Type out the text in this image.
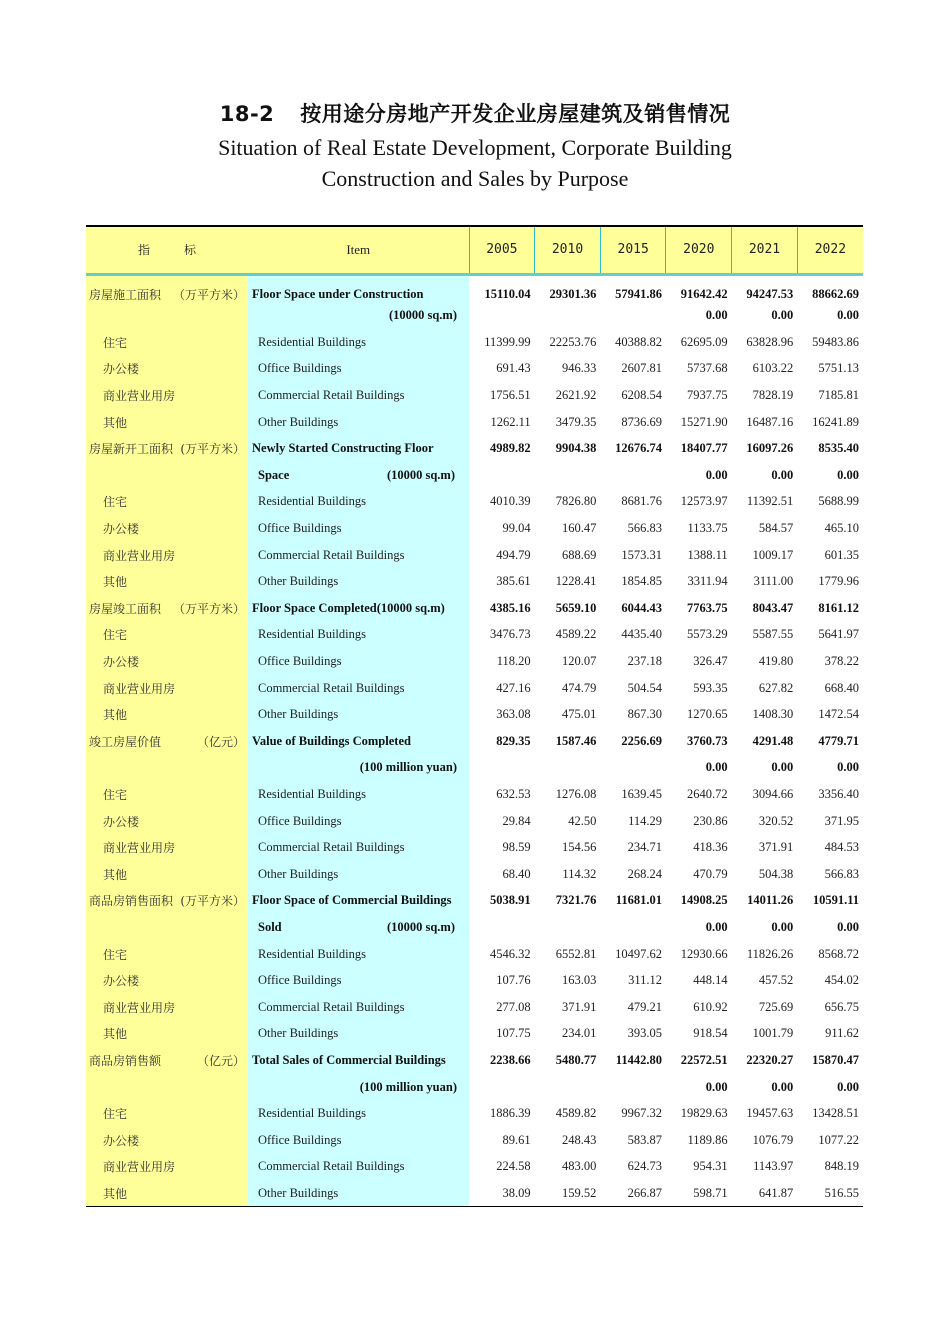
18-2 按用途分房地产开发企业房屋建筑及销售情况
Situation of Real Estate Development, Corporate Building
Construction and Sales by Purpose
指 标	Item	2005	2010	2015	2020	2021	2022
房屋施工面积 （万平方米）	Floor Space under Construction	15110.04	29301.36	57941.86	91642.42	94247.53	88662.69
	(10000 sq.m)				0.00	0.00	0.00
住宅	Residential Buildings	11399.99	22253.76	40388.82	62695.09	63828.96	59483.86
办公楼	Office Buildings	691.43	946.33	2607.81	5737.68	6103.22	5751.13
商业营业用房	Commercial Retail Buildings	1756.51	2621.92	6208.54	7937.75	7828.19	7185.81
其他	Other Buildings	1262.11	3479.35	8736.69	15271.90	16487.16	16241.89
房屋新开工面积 (万平方米）	Newly Started Constructing Floor	4989.82	9904.38	12676.74	18407.77	16097.26	8535.40
	Space (10000 sq.m)				0.00	0.00	0.00
住宅	Residential Buildings	4010.39	7826.80	8681.76	12573.97	11392.51	5688.99
办公楼	Office Buildings	99.04	160.47	566.83	1133.75	584.57	465.10
商业营业用房	Commercial Retail Buildings	494.79	688.69	1573.31	1388.11	1009.17	601.35
其他	Other Buildings	385.61	1228.41	1854.85	3311.94	3111.00	1779.96
房屋竣工面积 （万平方米）	Floor Space Completed(10000 sq.m)	4385.16	5659.10	6044.43	7763.75	8043.47	8161.12
住宅	Residential Buildings	3476.73	4589.22	4435.40	5573.29	5587.55	5641.97
办公楼	Office Buildings	118.20	120.07	237.18	326.47	419.80	378.22
商业营业用房	Commercial Retail Buildings	427.16	474.79	504.54	593.35	627.82	668.40
其他	Other Buildings	363.08	475.01	867.30	1270.65	1408.30	1472.54
竣工房屋价值 （亿元）	Value of Buildings Completed	829.35	1587.46	2256.69	3760.73	4291.48	4779.71
	(100 million yuan)				0.00	0.00	0.00
住宅	Residential Buildings	632.53	1276.08	1639.45	2640.72	3094.66	3356.40
办公楼	Office Buildings	29.84	42.50	114.29	230.86	320.52	371.95
商业营业用房	Commercial Retail Buildings	98.59	154.56	234.71	418.36	371.91	484.53
其他	Other Buildings	68.40	114.32	268.24	470.79	504.38	566.83
商品房销售面积 (万平方米）	Floor Space of Commercial Buildings	5038.91	7321.76	11681.01	14908.25	14011.26	10591.11
	Sold (10000 sq.m)				0.00	0.00	0.00
住宅	Residential Buildings	4546.32	6552.81	10497.62	12930.66	11826.26	8568.72
办公楼	Office Buildings	107.76	163.03	311.12	448.14	457.52	454.02
商业营业用房	Commercial Retail Buildings	277.08	371.91	479.21	610.92	725.69	656.75
其他	Other Buildings	107.75	234.01	393.05	918.54	1001.79	911.62
商品房销售额 （亿元）	Total Sales of Commercial Buildings	2238.66	5480.77	11442.80	22572.51	22320.27	15870.47
	(100 million yuan)				0.00	0.00	0.00
住宅	Residential Buildings	1886.39	4589.82	9967.32	19829.63	19457.63	13428.51
办公楼	Office Buildings	89.61	248.43	583.87	1189.86	1076.79	1077.22
商业营业用房	Commercial Retail Buildings	224.58	483.00	624.73	954.31	1143.97	848.19
其他	Other Buildings	38.09	159.52	266.87	598.71	641.87	516.55
